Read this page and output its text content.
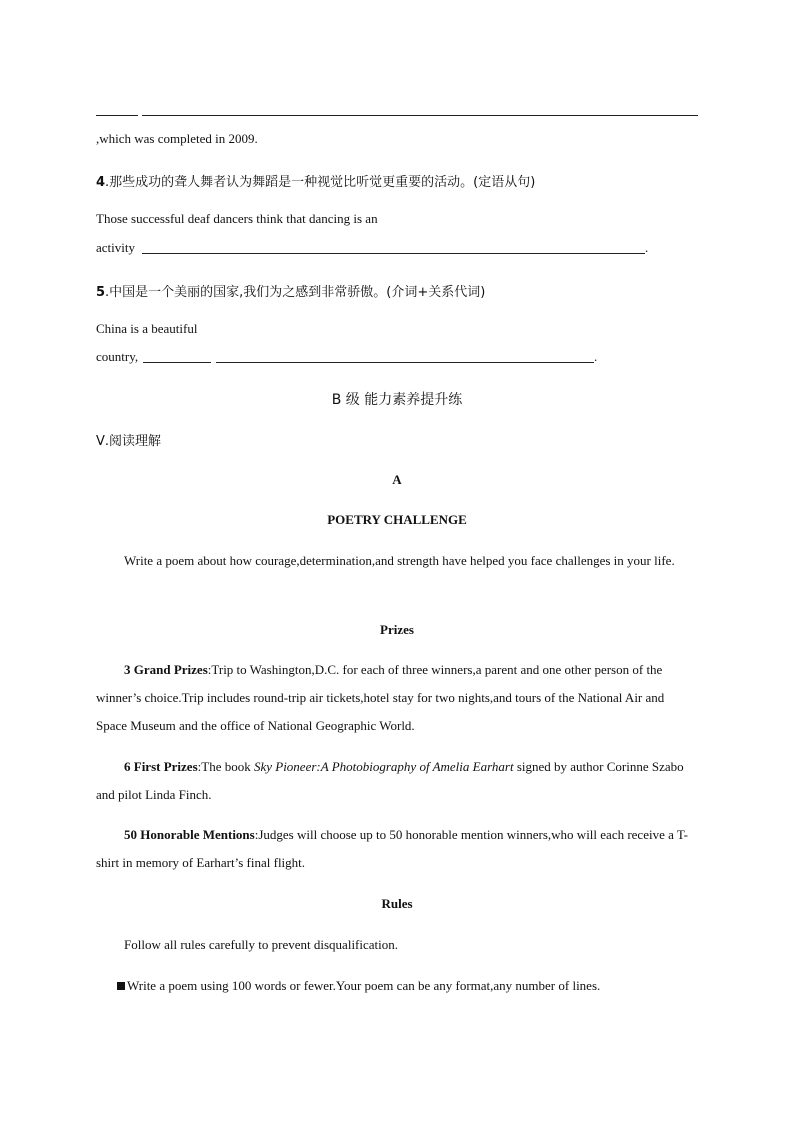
,which was completed in 2009.
4.那些成功的聋人舞者认为舞蹈是一种视觉比听觉更重要的活动。(定语从句)
Those successful deaf dancers think that dancing is an
activity	.
5.中国是一个美丽的国家,我们为之感到非常骄傲。(介词+关系代词)
China is a beautiful
country,	.
B 级 能力素养提升练
Ⅴ.阅读理解
A
POETRY CHALLENGE
Write a poem about how courage,determination,and strength have helped you face challenges in your life.
Prizes
3 Grand Prizes:Trip to Washington,D.C. for each of three winners,a parent and one other person of the winner’s choice.Trip includes round-trip air tickets,hotel stay for two nights,and tours of the National Air and Space Museum and the office of National Geographic World.
6 First Prizes:The book Sky Pioneer:A Photobiography of Amelia Earhart signed by author Corinne Szabo and pilot Linda Finch.
50 Honorable Mentions:Judges will choose up to 50 honorable mention winners,who will each receive a T-shirt in memory of Earhart’s final flight.
Rules
Follow all rules carefully to prevent disqualification.
Write a poem using 100 words or fewer.Your poem can be any format,any number of lines.
